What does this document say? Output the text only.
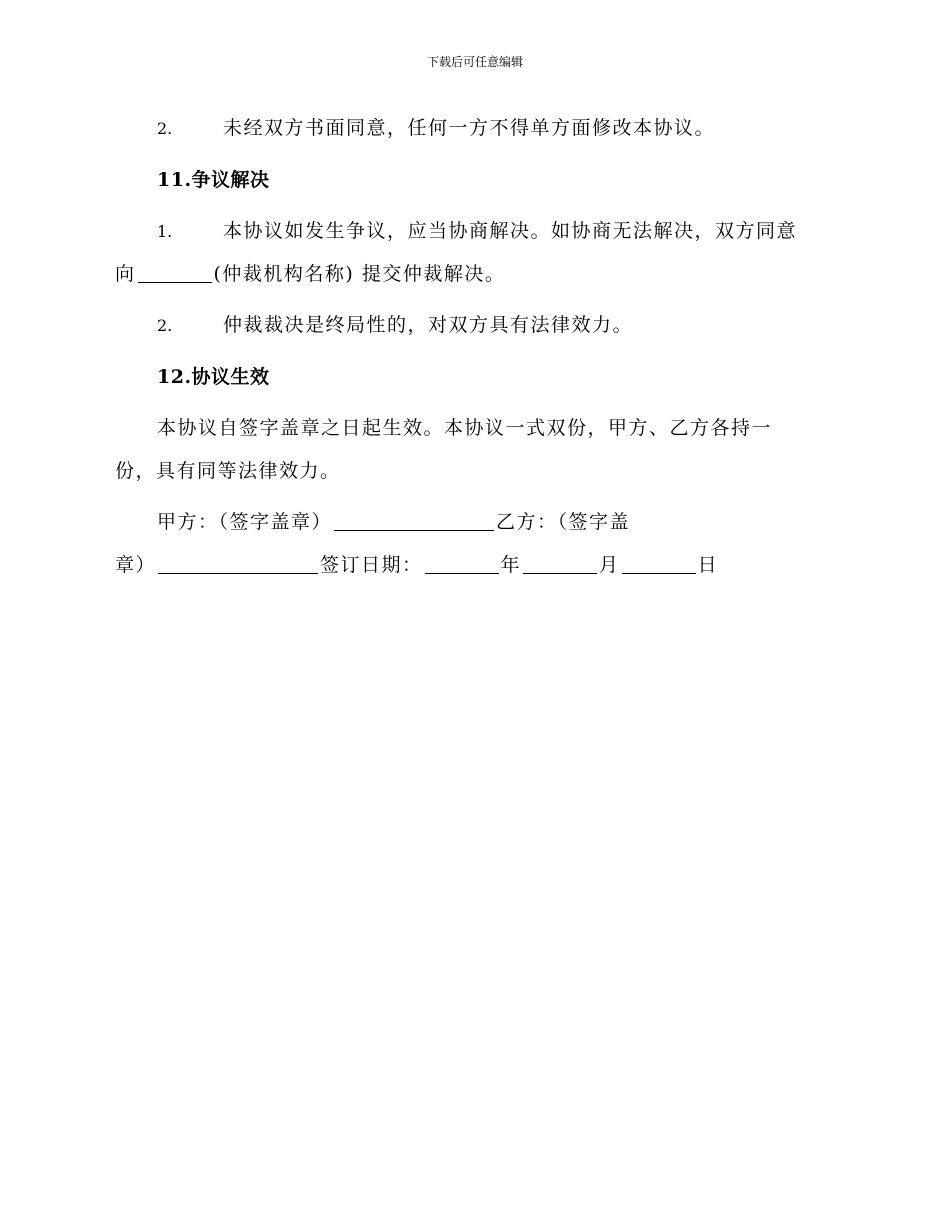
下载后可任意编辑
2.	未经双方书面同意，任何一方不得单方面修改本协议。
11.争议解决
1.	本协议如发生争议，应当协商解决。如协商无法解决，双方同意
向	(仲裁机构名称) 提交仲裁解决。
2.	仲裁裁决是终局性的，对双方具有法律效力。
12.协议生效
本协议自签字盖章之日起生效。本协议一式双份，甲方、乙方各持一
份，具有同等法律效力。
甲方：（签字盖章）	乙方：（签字盖
章）	签订日期：	年	月	日
